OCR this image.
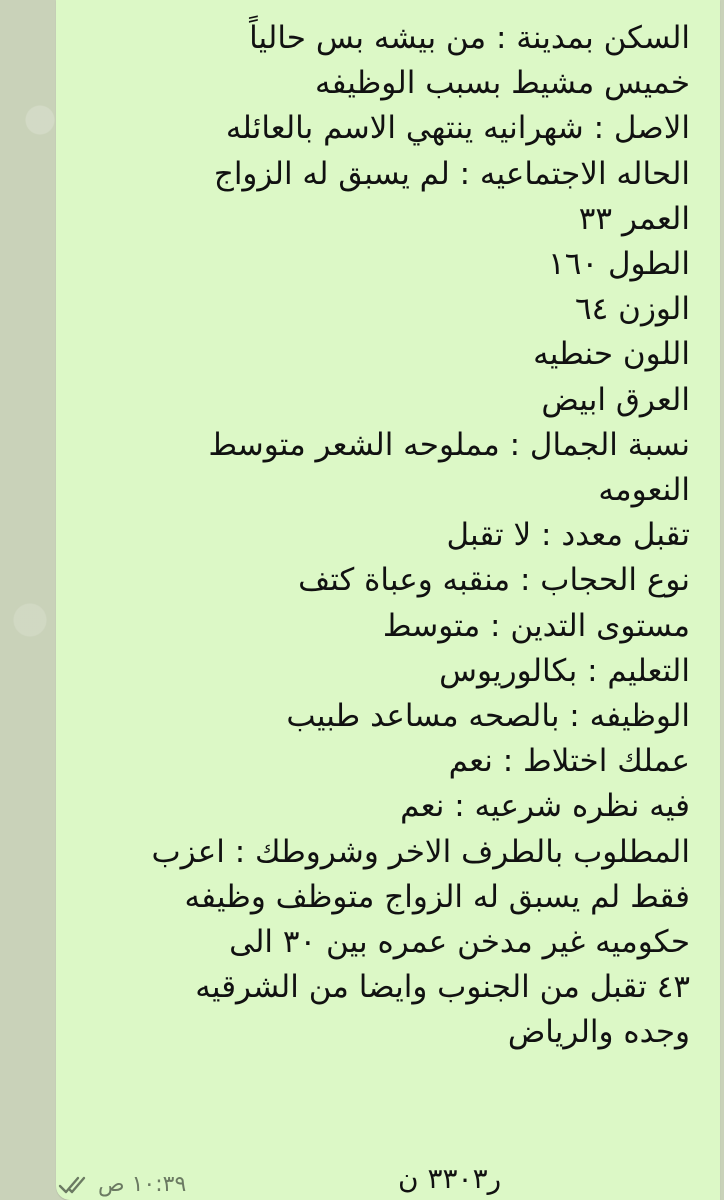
السكن بمدينة : من بيشه بس حالياً
خميس مشيط بسبب الوظيفه
الاصل : شهرانيه ينتهي الاسم بالعائله
الحاله الاجتماعيه : لم يسبق له الزواج
العمر ٣٣
الطول ١٦٠
الوزن ٦٤
اللون حنطيه
العرق ابيض
نسبة الجمال : مملوحه الشعر متوسط
النعومه
تقبل معدد : لا تقبل
نوع الحجاب : منقبه وعباة كتف
مستوى التدين : متوسط
التعليم : بكالوريوس
الوظيفه : بالصحه مساعد طبيب
عملك اختلاط : نعم
فيه نظره شرعيه : نعم
المطلوب بالطرف الاخر وشروطك : اعزب
فقط لم يسبق له الزواج متوظف وظيفه
حكوميه غير مدخن عمره بين ٣٠ الى
٤٣ تقبل من الجنوب وايضا من الشرقيه
وجده والرياض
ر٣٣٠٣ ن
١٠:٣٩ ص
